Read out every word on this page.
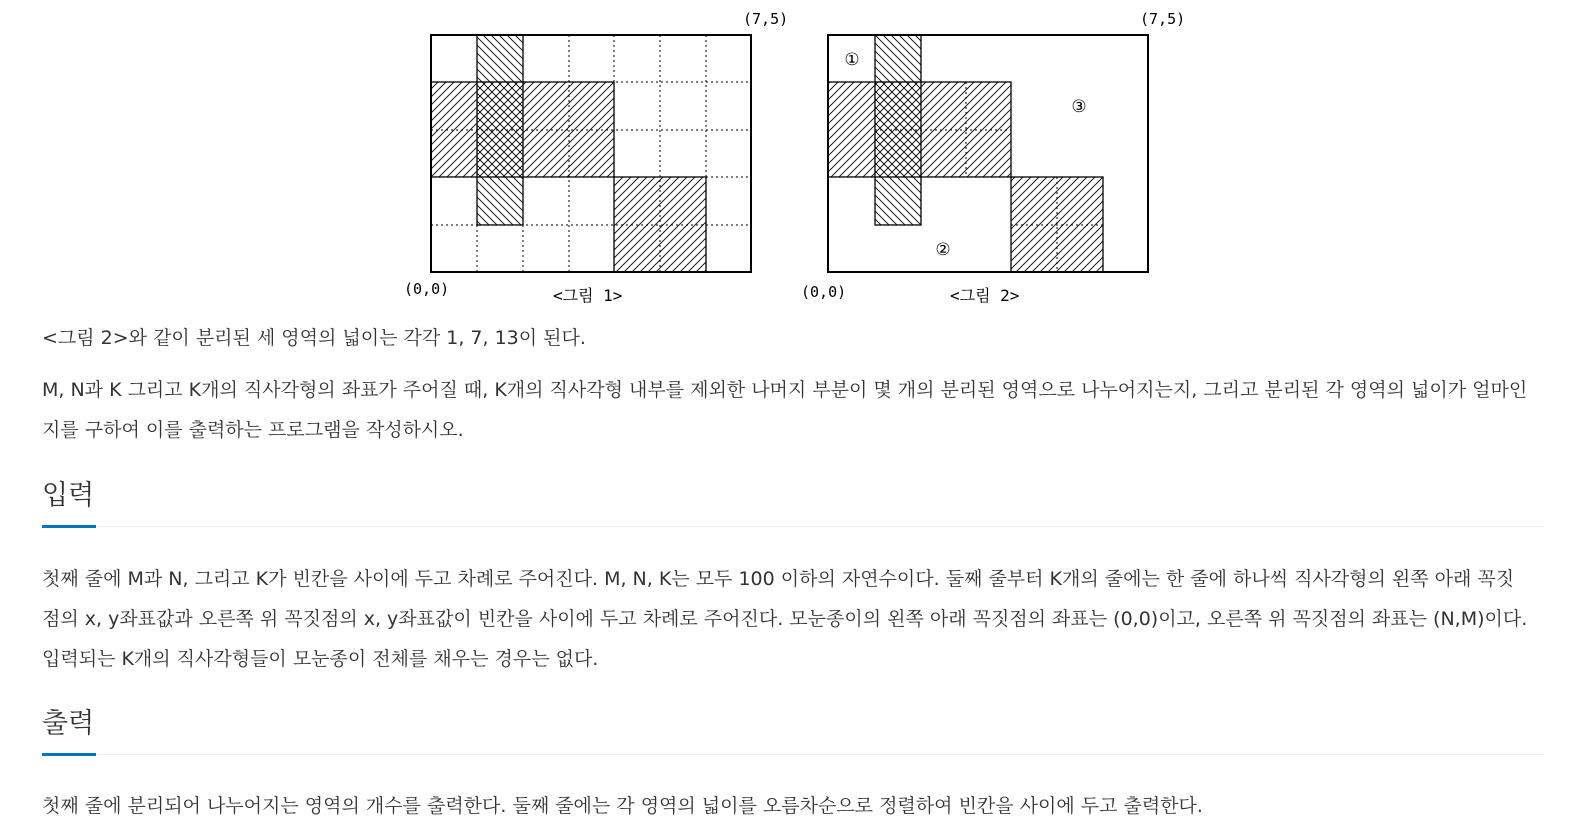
(7,5)
(0,0)	<그림 1>
①
②
③
(7,5)
(0,0)	<그림 2>

<그림 2>와 같이 분리된 세 영역의 넓이는 각각 1, 7, 13이 된다.

M, N과 K 그리고 K개의 직사각형의 좌표가 주어질 때, K개의 직사각형 내부를 제외한 나머지 부분이 몇 개의 분리된 영역으로 나누어지는지, 그리고 분리된 각 영역의 넓이가 얼마인지를 구하여 이를 출력하는 프로그램을 작성하시오.

입력

첫째 줄에 M과 N, 그리고 K가 빈칸을 사이에 두고 차례로 주어진다. M, N, K는 모두 100 이하의 자연수이다. 둘째 줄부터 K개의 줄에는 한 줄에 하나씩 직사각형의 왼쪽 아래 꼭짓점의 x, y좌표값과 오른쪽 위 꼭짓점의 x, y좌표값이 빈칸을 사이에 두고 차례로 주어진다. 모눈종이의 왼쪽 아래 꼭짓점의 좌표는 (0,0)이고, 오른쪽 위 꼭짓점의 좌표는 (N,M)이다. 입력되는 K개의 직사각형들이 모눈종이 전체를 채우는 경우는 없다.

출력

첫째 줄에 분리되어 나누어지는 영역의 개수를 출력한다. 둘째 줄에는 각 영역의 넓이를 오름차순으로 정렬하여 빈칸을 사이에 두고 출력한다.
